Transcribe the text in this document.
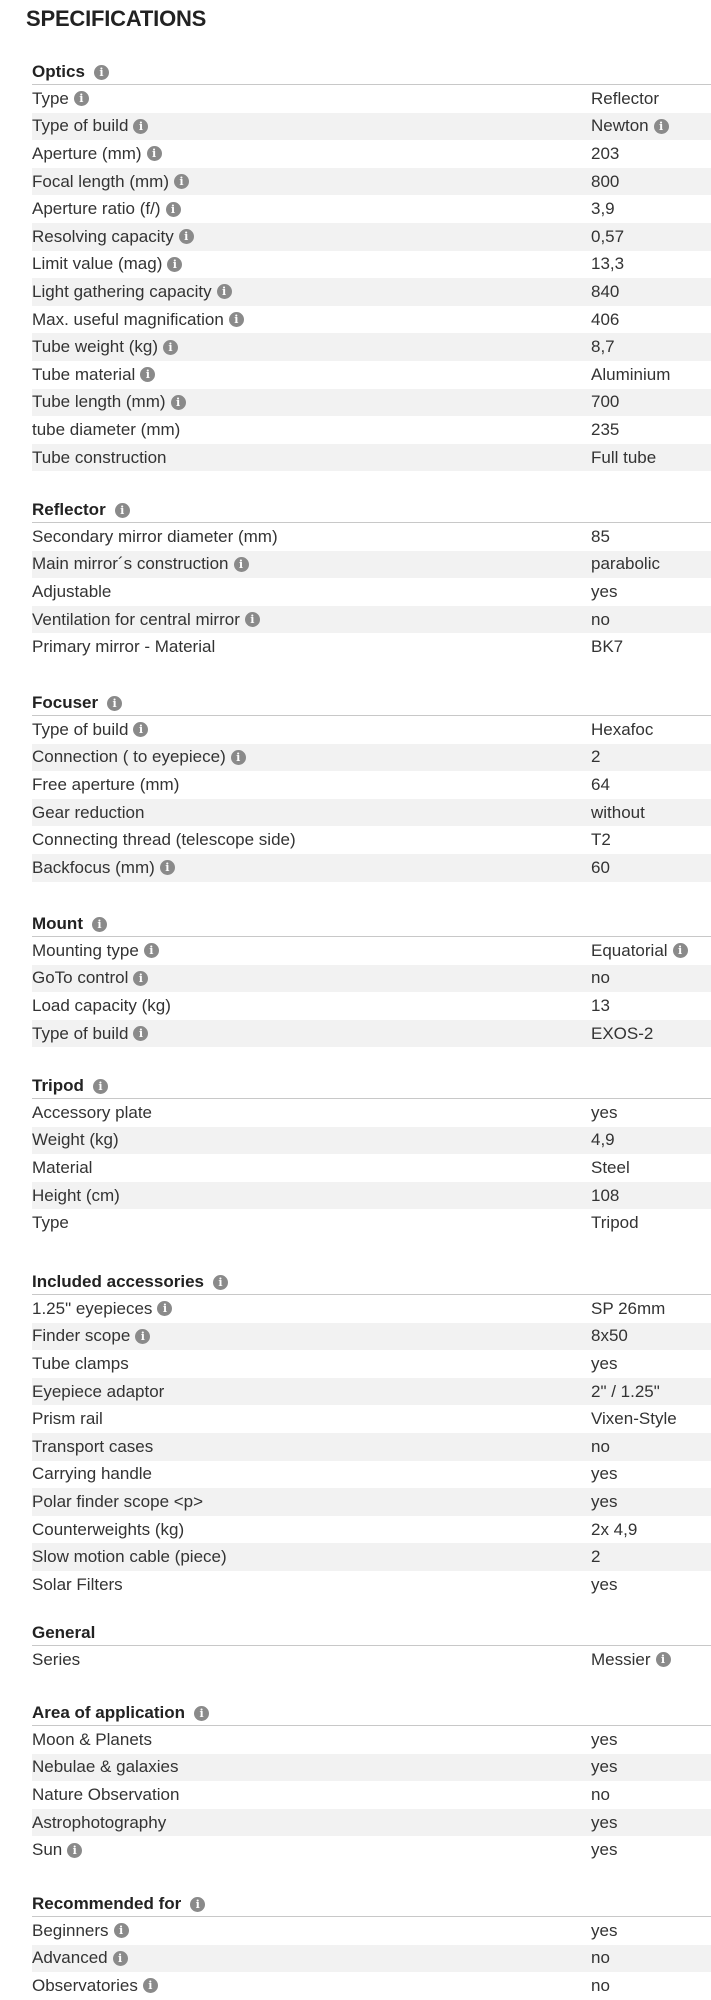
SPECIFICATIONS
Optics	i
Type i	Reflector
Type of build i	Newton i
Aperture (mm) i	203
Focal length (mm) i	800
Aperture ratio (f/) i	3,9
Resolving capacity i	0,57
Limit value (mag) i	13,3
Light gathering capacity i	840
Max. useful magnification i	406
Tube weight (kg) i	8,7
Tube material i	Aluminium
Tube length (mm) i	700
tube diameter (mm)	235
Tube construction	Full tube
Reflector	i
Secondary mirror diameter (mm)	85
Main mirror´s construction i	parabolic
Adjustable	yes
Ventilation for central mirror i	no
Primary mirror - Material	BK7
Focuser	i
Type of build i	Hexafoc
Connection ( to eyepiece) i	2
Free aperture (mm)	64
Gear reduction	without
Connecting thread (telescope side)	T2
Backfocus (mm) i	60
Mount	i
Mounting type i	Equatorial i
GoTo control i	no
Load capacity (kg)	13
Type of build i	EXOS-2
Tripod	i
Accessory plate	yes
Weight (kg)	4,9
Material	Steel
Height (cm)	108
Type	Tripod
Included accessories	i
1.25" eyepieces i	SP 26mm
Finder scope i	8x50
Tube clamps	yes
Eyepiece adaptor	2" / 1.25"
Prism rail	Vixen-Style
Transport cases	no
Carrying handle	yes
Polar finder scope <p>	yes
Counterweights (kg)	2x 4,9
Slow motion cable (piece)	2
Solar Filters	yes
General
Series	Messier i
Area of application	i
Moon & Planets	yes
Nebulae & galaxies	yes
Nature Observation	no
Astrophotography	yes
Sun i	yes
Recommended for	i
Beginners i	yes
Advanced i	no
Observatories i	no
